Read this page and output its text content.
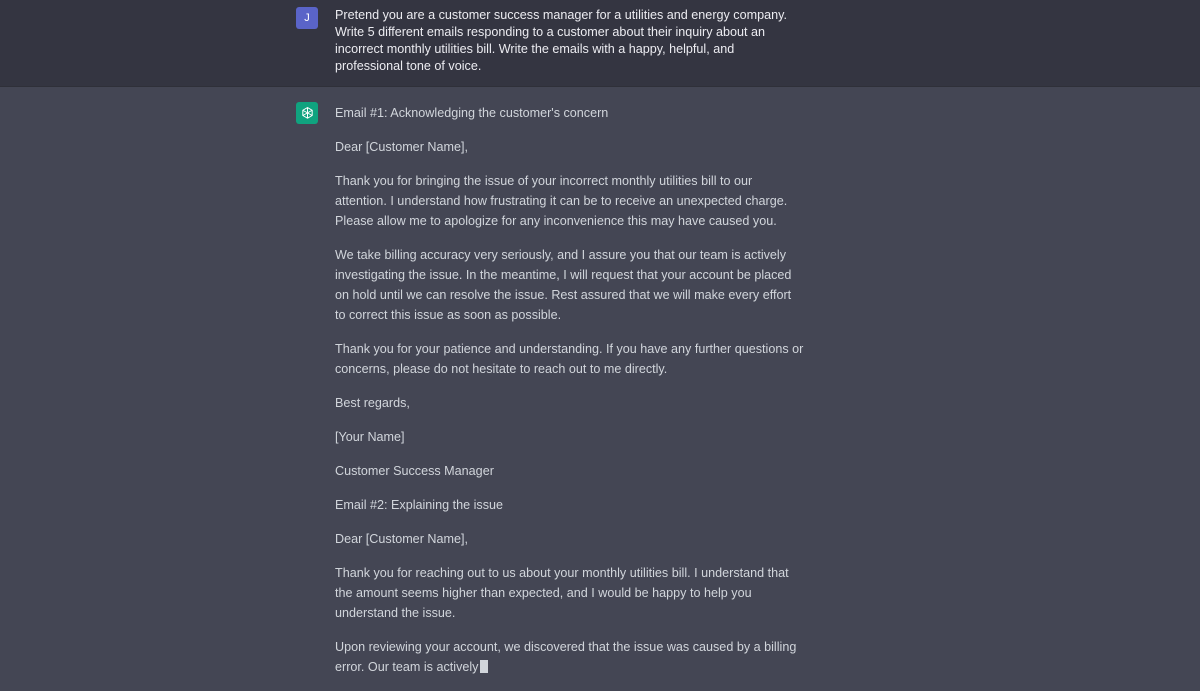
J	Pretend you are a customer success manager for a utilities and energy company. Write 5 different emails responding to a customer about their inquiry about an incorrect monthly utilities bill. Write the emails with a happy, helpful, and professional tone of voice.

Email #1: Acknowledging the customer's concern

Dear [Customer Name],

Thank you for bringing the issue of your incorrect monthly utilities bill to our attention. I understand how frustrating it can be to receive an unexpected charge. Please allow me to apologize for any inconvenience this may have caused you.

We take billing accuracy very seriously, and I assure you that our team is actively investigating the issue. In the meantime, I will request that your account be placed on hold until we can resolve the issue. Rest assured that we will make every effort to correct this issue as soon as possible.

Thank you for your patience and understanding. If you have any further questions or concerns, please do not hesitate to reach out to me directly.

Best regards,

[Your Name]

Customer Success Manager

Email #2: Explaining the issue

Dear [Customer Name],

Thank you for reaching out to us about your monthly utilities bill. I understand that the amount seems higher than expected, and I would be happy to help you understand the issue.

Upon reviewing your account, we discovered that the issue was caused by a billing error. Our team is actively
